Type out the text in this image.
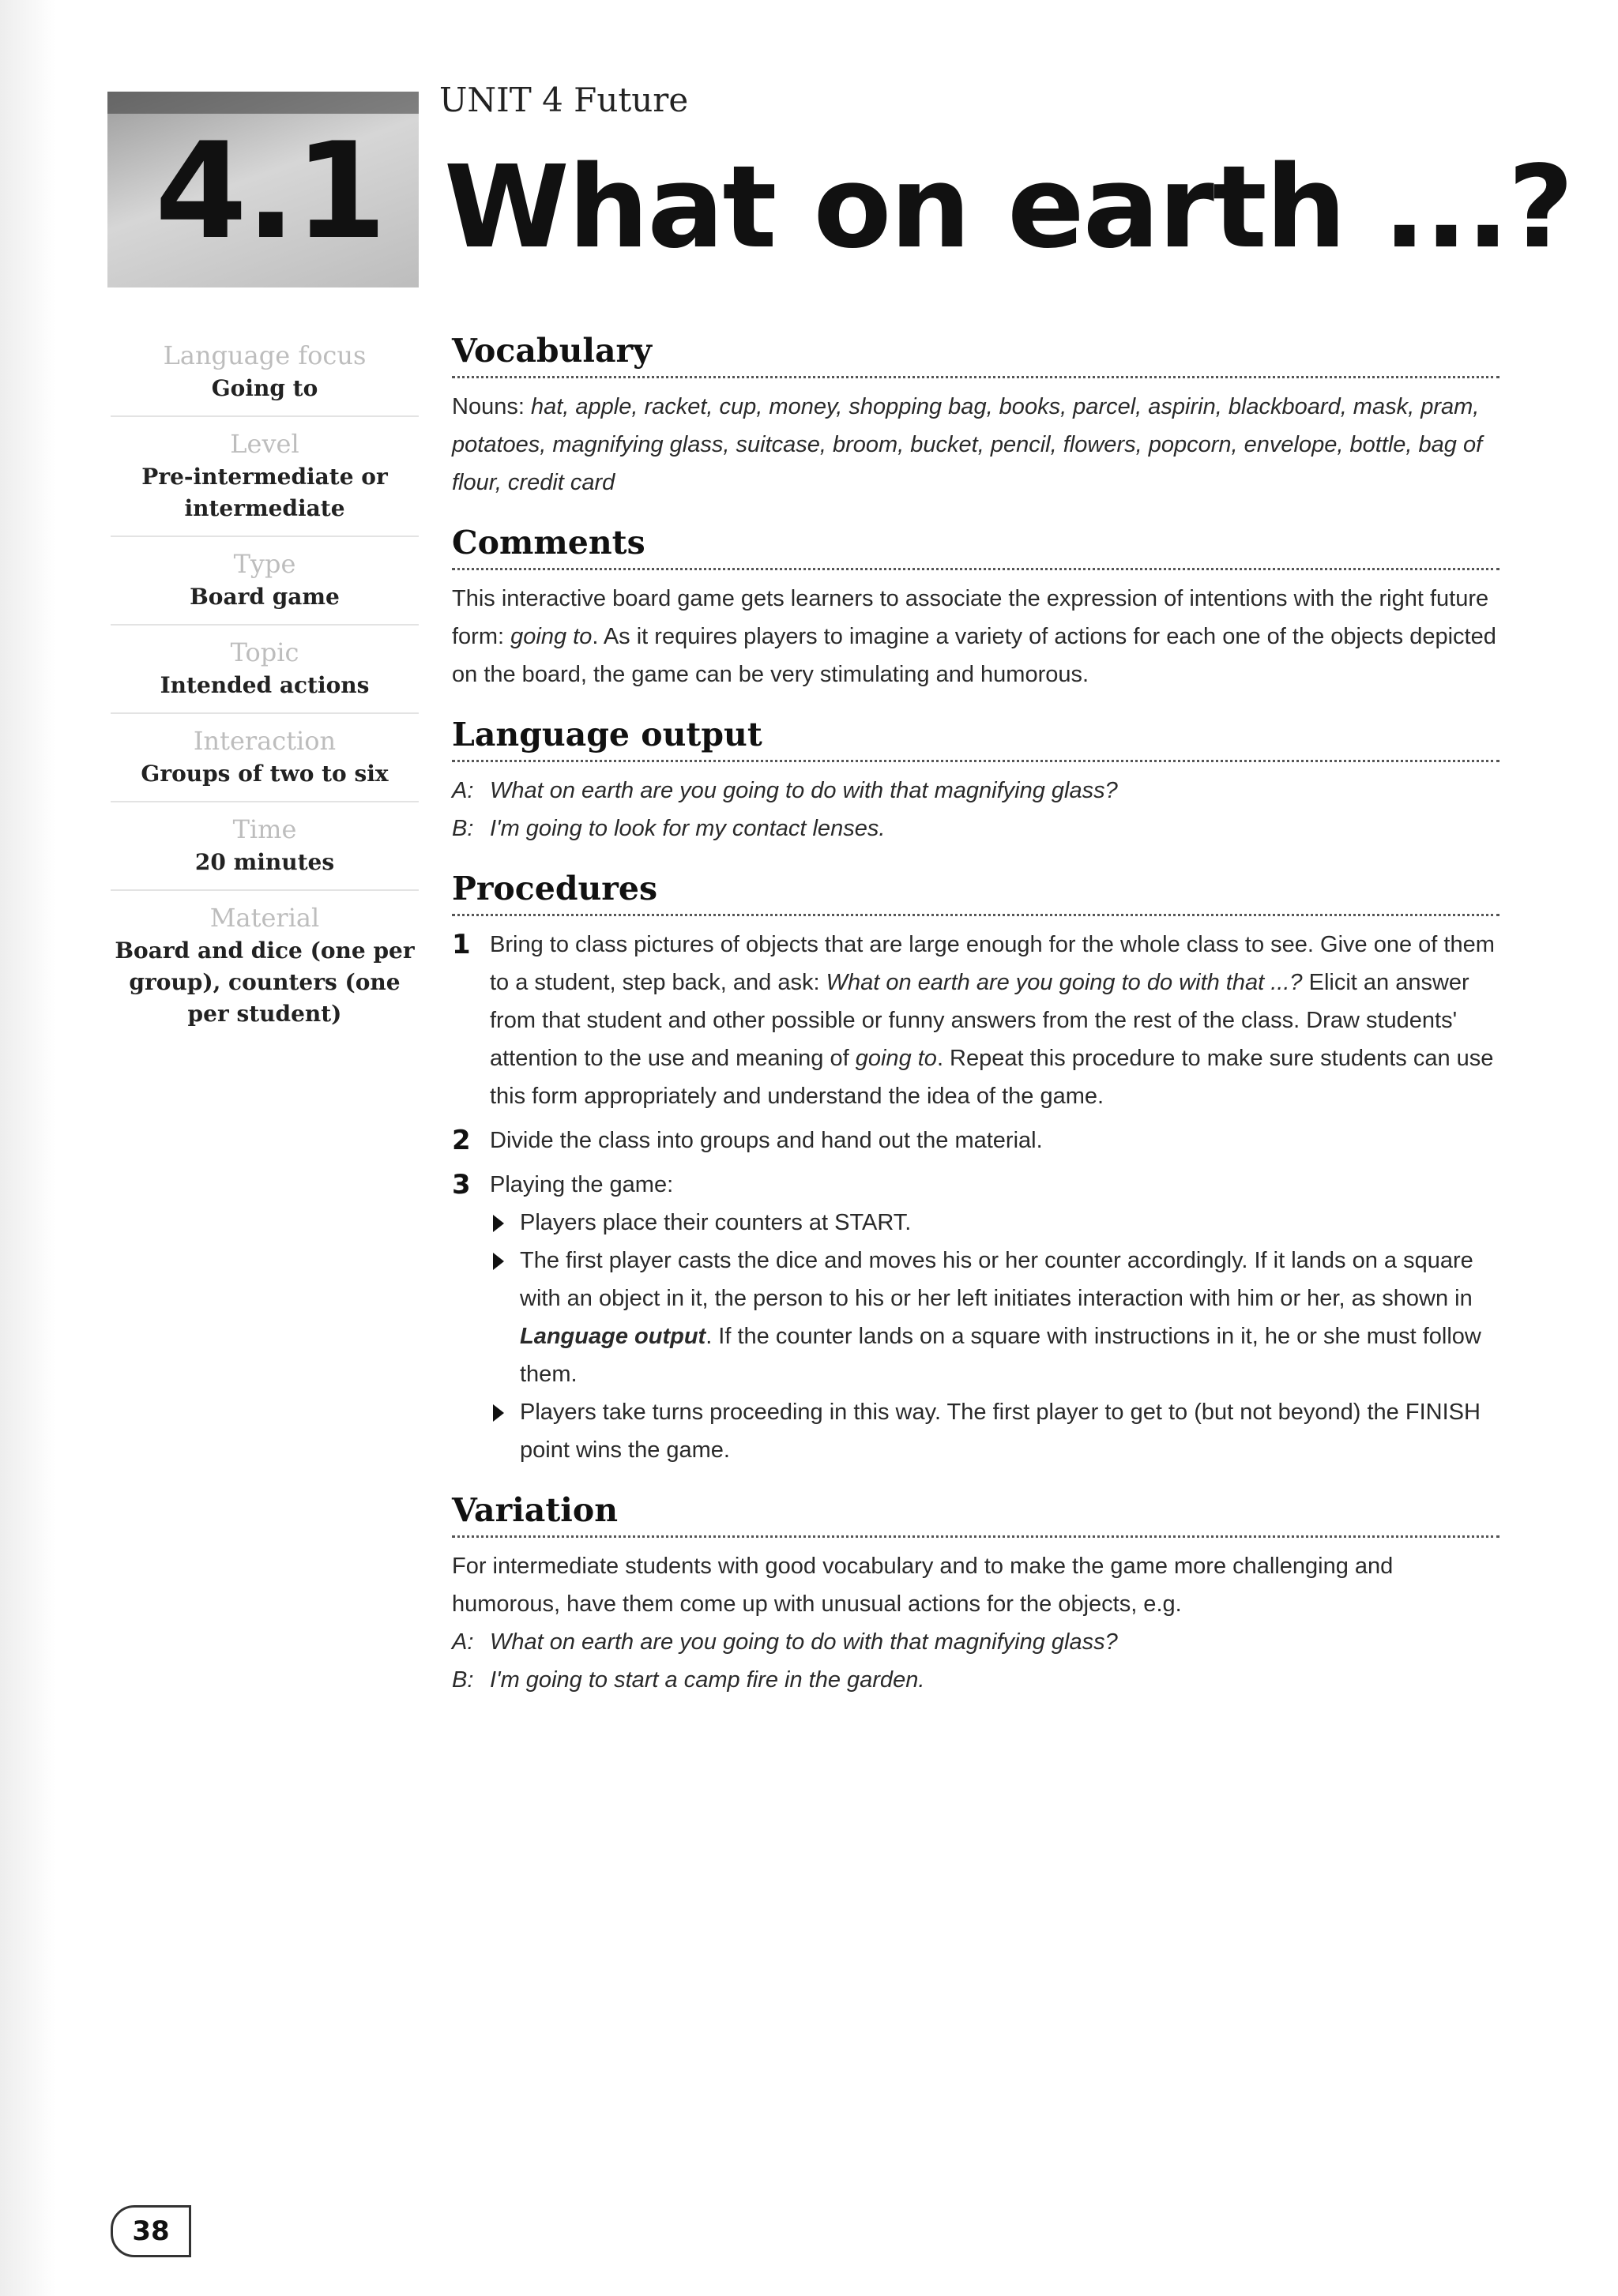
4.1
UNIT 4 Future
What on earth ...?
Language focus
Going to
Level
Pre-intermediate or intermediate
Type
Board game
Topic
Intended actions
Interaction
Groups of two to six
Time
20 minutes
Material
Board and dice (one per group), counters (one per student)
Vocabulary

Nouns: hat, apple, racket, cup, money, shopping bag, books, parcel, aspirin, blackboard, mask, pram, potatoes, magnifying glass, suitcase, broom, bucket, pencil, flowers, popcorn, envelope, bottle, bag of flour, credit card

Comments

This interactive board game gets learners to associate the expression of intentions with the right future form: going to. As it requires players to imagine a variety of actions for each one of the objects depicted on the board, the game can be very stimulating and humorous.

Language output
A: What on earth are you going to do with that magnifying glass?
B: I'm going to look for my contact lenses.
Procedures
1 Bring to class pictures of objects that are large enough for the whole class to see. Give one of them to a student, step back, and ask: What on earth are you going to do with that ...? Elicit an answer from that student and other possible or funny answers from the rest of the class. Draw students' attention to the use and meaning of going to. Repeat this procedure to make sure students can use this form appropriately and understand the idea of the game.
2 Divide the class into groups and hand out the material.
3 Playing the game:
Players place their counters at START.
The first player casts the dice and moves his or her counter accordingly. If it lands on a square with an object in it, the person to his or her left initiates interaction with him or her, as shown in Language output. If the counter lands on a square with instructions in it, he or she must follow them.
Players take turns proceeding in this way. The first player to get to (but not beyond) the FINISH point wins the game.
Variation

For intermediate students with good vocabulary and to make the game more challenging and humorous, have them come up with unusual actions for the objects, e.g.

A: What on earth are you going to do with that magnifying glass?
B: I'm going to start a camp fire in the garden.
38
